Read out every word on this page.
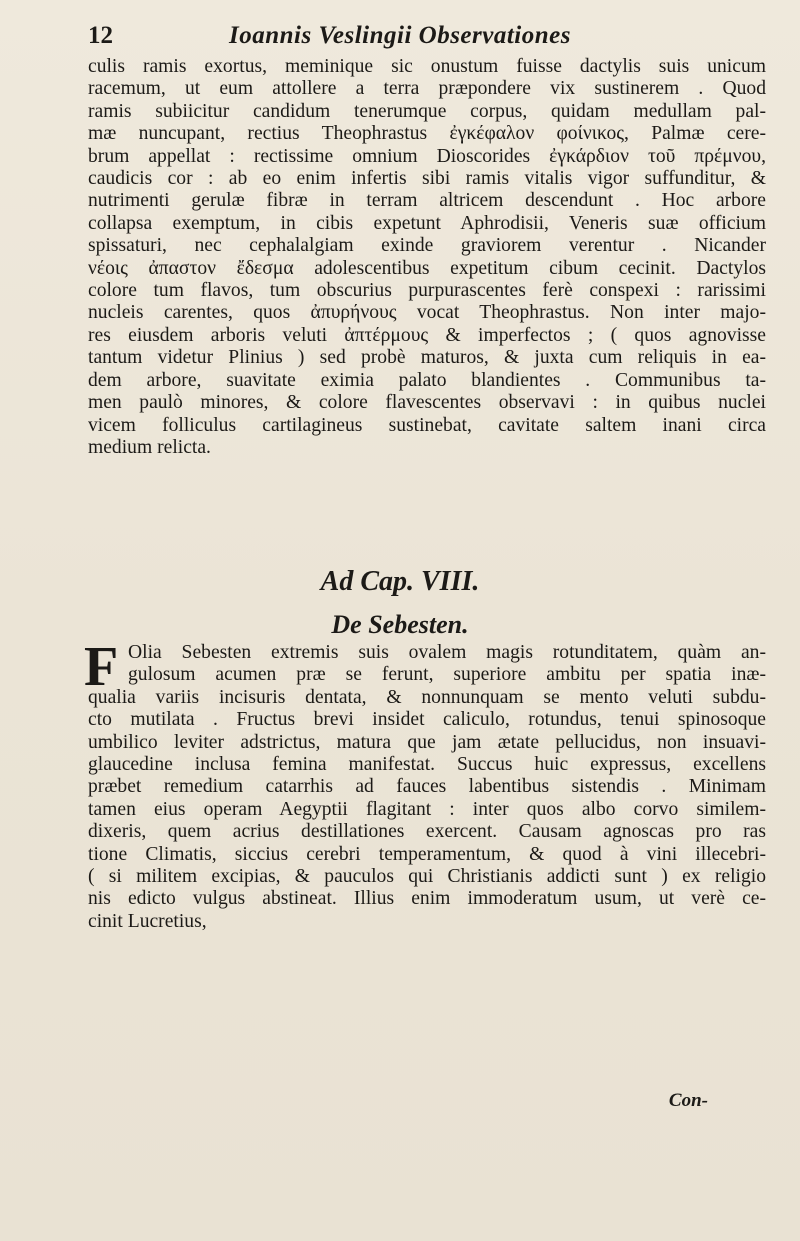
12	Ioannis Veslingii Observationes
culis ramis exortus, meminique sic onustum fuisse dactylis suis unicum
racemum, ut eum attollere a terra præpondere vix sustinerem . Quod
ramis subiicitur candidum tenerumque corpus, quidam medullam pal-
mæ nuncupant, rectius Theophrastus ἐγκέφαλον φοίνικος, Palmæ cere-
brum appellat : rectissime omnium Dioscorides ἐγκάρδιον τοῦ πρέμνου,
caudicis cor : ab eo enim infertis sibi ramis vitalis vigor suffunditur, &
nutrimenti gerulæ fibræ in terram altricem descendunt . Hoc arbore
collapsa exemptum, in cibis expetunt Aphrodisii, Veneris suæ officium
spissaturi, nec cephalalgiam exinde graviorem verentur . Nicander
νέοις ἀπαστον ἔδεσμα adolescentibus expetitum cibum cecinit. Dactylos
colore tum flavos, tum obscurius purpurascentes ferè conspexi : rarissimi
nucleis carentes, quos ἀπυρήνους vocat Theophrastus. Non inter majo-
res eiusdem arboris veluti ἀπτέρμους & imperfectos ; ( quos agnovisse
tantum videtur Plinius ) sed probè maturos, & juxta cum reliquis in ea-
dem arbore, suavitate eximia palato blandientes . Communibus ta-
men paulò minores, & colore flavescentes observavi : in quibus nuclei
vicem folliculus cartilagineus sustinebat, cavitate saltem inani circa
medium relicta.
Ad Cap. VIII.
De Sebesten.
F Olia Sebesten extremis suis ovalem magis rotunditatem, quàm an-
gulosum acumen præ se ferunt, superiore ambitu per spatia inæ-
qualia variis incisuris dentata, & nonnunquam se mento veluti subdu-
cto mutilata . Fructus brevi insidet caliculo, rotundus, tenui spinosoque
umbilico leviter adstrictus, matura que jam ætate pellucidus, non insuavi-
glaucedine inclusa femina manifestat. Succus huic expressus, excellens
præbet remedium catarrhis ad fauces labentibus sistendis . Minimam
tamen eius operam Aegyptii flagitant : inter quos albo corvo similem-
dixeris, quem acrius destillationes exercent. Causam agnoscas pro ras
tione Climatis, siccius cerebri temperamentum, & quod à vini illecebri-
( si militem excipias, & pauculos qui Christianis addicti sunt ) ex religio
nis edicto vulgus abstineat. Illius enim immoderatum usum, ut verè ce-
cinit Lucretius,
Con-
